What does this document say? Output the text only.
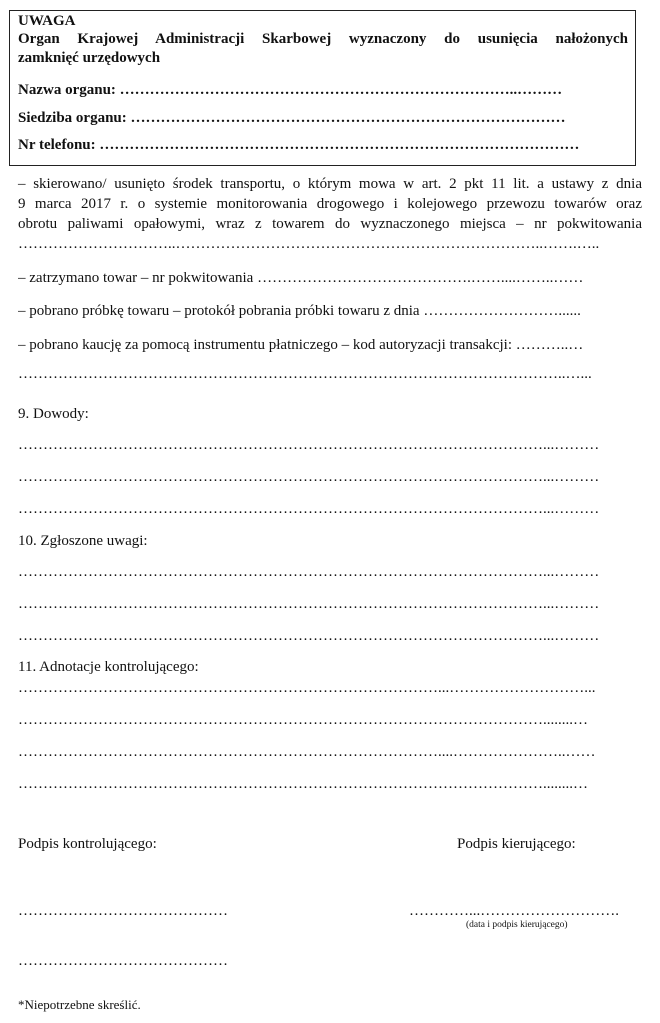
UWAGA
Organ Krajowej Administracji Skarbowej wyznaczony do usunięcia nałożonych
zamknięć urzędowych
Nazwa organu: ……………………………………………………………………..………
Siedziba organu: ……………………………………………………………………………
Nr telefonu: ……………………………………………………………………………………
– skierowano/ usunięto środek transportu, o którym mowa w art. 2 pkt 11 lit. a ustawy z dnia
9 marca 2017 r. o systemie monitorowania drogowego i kolejowego przewozu towarów oraz
obrotu paliwami opałowymi, wraz z towarem do wyznaczonego miejsca – nr pokwitowania
…………………………..………………………………………………………………..…….…..
– zatrzymano towar – nr pokwitowania …………………………………….……....……..……
– pobrano próbkę towaru – protokół pobrania próbki towaru z dnia ………………………......
– pobrano kaucję za pomocą instrumentu płatniczego – kod autoryzacji transakcji: ………..…
………………………………………………………………………………………………..…...
9. Dowody:
……………………………………………………………………………………………...………
……………………………………………………………………………………………...………
……………………………………………………………………………………………...………
10. Zgłoszone uwagi:
……………………………………………………………………………………………...………
……………………………………………………………………………………………...………
……………………………………………………………………………………………...………
11. Adnotacje kontrolującego:
…………………………………………………………………………...………………………...
……………………………………………………………………………………………........…
…………………………………………………………………………....…………………..……
……………………………………………………………………………………………........…
Podpis kontrolującego:	Podpis kierującego:
……………………………………	…………...……………………….
(data i podpis kierującego)
……………………………………
*Niepotrzebne skreślić.
